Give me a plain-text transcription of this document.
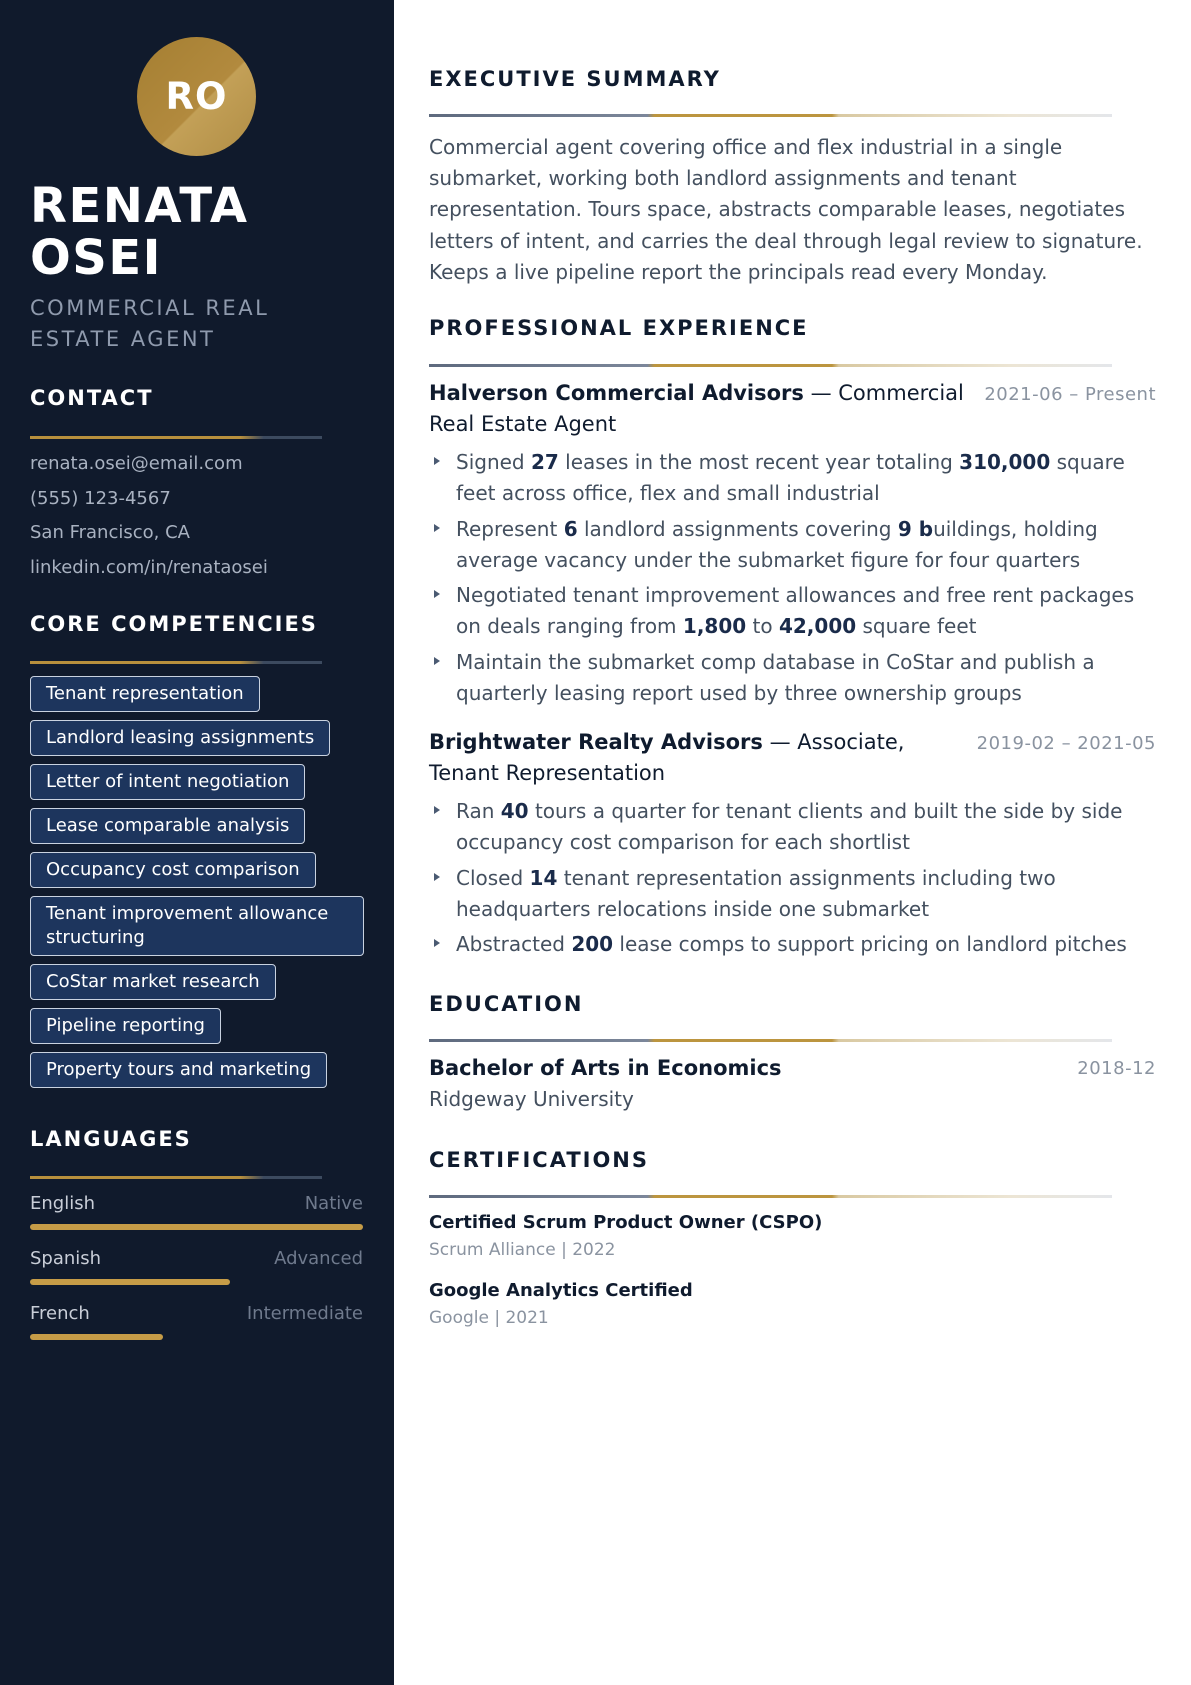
RO
RENATA OSEI
COMMERCIAL REAL ESTATE AGENT
CONTACT
renata.osei@email.com
(555) 123-4567
San Francisco, CA
linkedin.com/in/renataosei
CORE COMPETENCIES
Tenant representation
Landlord leasing assignments
Letter of intent negotiation
Lease comparable analysis
Occupancy cost comparison
Tenant improvement allowance structuring
CoStar market research
Pipeline reporting
Property tours and marketing
LANGUAGES
English	Native
Spanish	Advanced
French	Intermediate
EXECUTIVE SUMMARY
Commercial agent covering office and flex industrial in a single submarket, working both landlord assignments and tenant representation. Tours space, abstracts comparable leases, negotiates letters of intent, and carries the deal through legal review to signature. Keeps a live pipeline report the principals read every Monday.
PROFESSIONAL EXPERIENCE
Halverson Commercial Advisors — Commercial Real Estate Agent
2021-06 – Present
Signed 27 leases in the most recent year totaling 310,000 square feet across office, flex and small industrial
Represent 6 landlord assignments covering 9 buildings, holding average vacancy under the submarket figure for four quarters
Negotiated tenant improvement allowances and free rent packages on deals ranging from 1,800 to 42,000 square feet
Maintain the submarket comp database in CoStar and publish a quarterly leasing report used by three ownership groups
Brightwater Realty Advisors — Associate, Tenant Representation
2019-02 – 2021-05
Ran 40 tours a quarter for tenant clients and built the side by side occupancy cost comparison for each shortlist
Closed 14 tenant representation assignments including two headquarters relocations inside one submarket
Abstracted 200 lease comps to support pricing on landlord pitches
EDUCATION
Bachelor of Arts in Economics
Ridgeway University
2018-12
CERTIFICATIONS
Certified Scrum Product Owner (CSPO)
Scrum Alliance | 2022
Google Analytics Certified
Google | 2021
